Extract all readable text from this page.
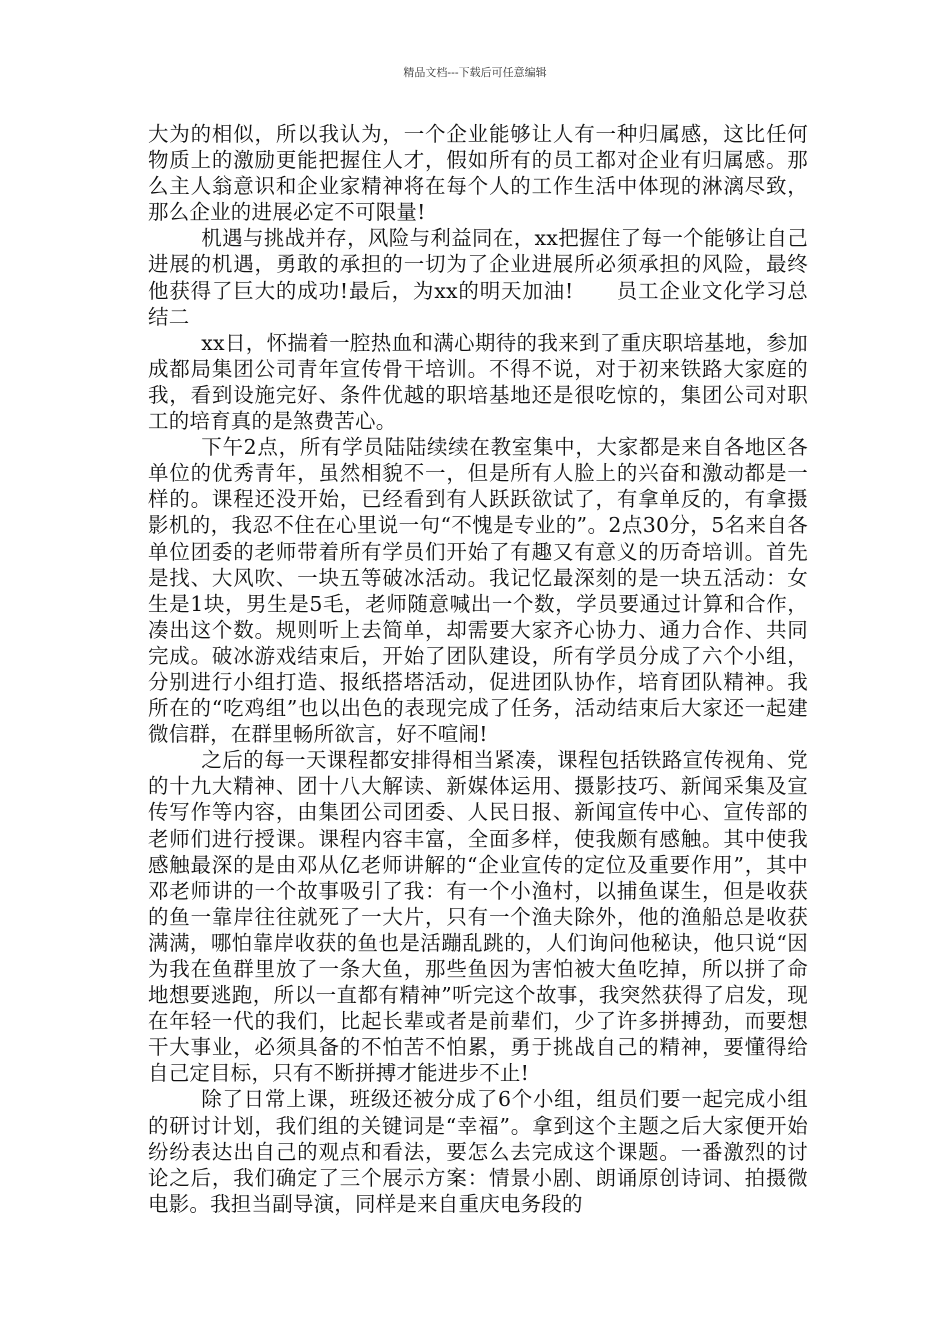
精品文档---下载后可任意编辑

大为的相似，所以我认为，一个企业能够让人有一种归属感，这比任何物质上的激励更能把握住人才，假如所有的员工都对企业有归属感。那么主人翁意识和企业家精神将在每个人的工作生活中体现的淋漓尽致，那么企业的进展必定不可限量!

机遇与挑战并存，风险与利益同在，xx把握住了每一个能够让自己进展的机遇，勇敢的承担的一切为了企业进展所必须承担的风险，最终他获得了巨大的成功!最后，为xx的明天加油!　　员工企业文化学习总结二

xx日，怀揣着一腔热血和满心期待的我来到了重庆职培基地，参加成都局集团公司青年宣传骨干培训。不得不说，对于初来铁路大家庭的我，看到设施完好、条件优越的职培基地还是很吃惊的，集团公司对职工的培育真的是煞费苦心。

下午2点，所有学员陆陆续续在教室集中，大家都是来自各地区各单位的优秀青年，虽然相貌不一，但是所有人脸上的兴奋和激动都是一样的。课程还没开始，已经看到有人跃跃欲试了，有拿单反的，有拿摄影机的，我忍不住在心里说一句“不愧是专业的”。2点30分，5名来自各单位团委的老师带着所有学员们开始了有趣又有意义的历奇培训。首先是找、大风吹、一块五等破冰活动。我记忆最深刻的是一块五活动：女生是1块，男生是5毛，老师随意喊出一个数，学员要通过计算和合作，凑出这个数。规则听上去简单，却需要大家齐心协力、通力合作、共同完成。破冰游戏结束后，开始了团队建设，所有学员分成了六个小组，分别进行小组打造、报纸搭塔活动，促进团队协作，培育团队精神。我所在的“吃鸡组”也以出色的表现完成了任务，活动结束后大家还一起建微信群，在群里畅所欲言，好不喧闹!

之后的每一天课程都安排得相当紧凑，课程包括铁路宣传视角、党的十九大精神、团十八大解读、新媒体运用、摄影技巧、新闻采集及宣传写作等内容，由集团公司团委、人民日报、新闻宣传中心、宣传部的老师们进行授课。课程内容丰富，全面多样，使我颇有感触。其中使我感触最深的是由邓从亿老师讲解的“企业宣传的定位及重要作用”，其中邓老师讲的一个故事吸引了我：有一个小渔村，以捕鱼谋生，但是收获的鱼一靠岸往往就死了一大片，只有一个渔夫除外，他的渔船总是收获满满，哪怕靠岸收获的鱼也是活蹦乱跳的，人们询问他秘诀，他只说“因为我在鱼群里放了一条大鱼，那些鱼因为害怕被大鱼吃掉，所以拼了命地想要逃跑，所以一直都有精神”听完这个故事，我突然获得了启发，现在年轻一代的我们，比起长辈或者是前辈们，少了许多拼搏劲，而要想干大事业，必须具备的不怕苦不怕累，勇于挑战自己的精神，要懂得给自己定目标，只有不断拼搏才能进步不止!

除了日常上课，班级还被分成了6个小组，组员们要一起完成小组的研讨计划，我们组的关键词是“幸福”。拿到这个主题之后大家便开始纷纷表达出自己的观点和看法，要怎么去完成这个课题。一番激烈的讨论之后，我们确定了三个展示方案：情景小剧、朗诵原创诗词、拍摄微电影。我担当副导演，同样是来自重庆电务段的
